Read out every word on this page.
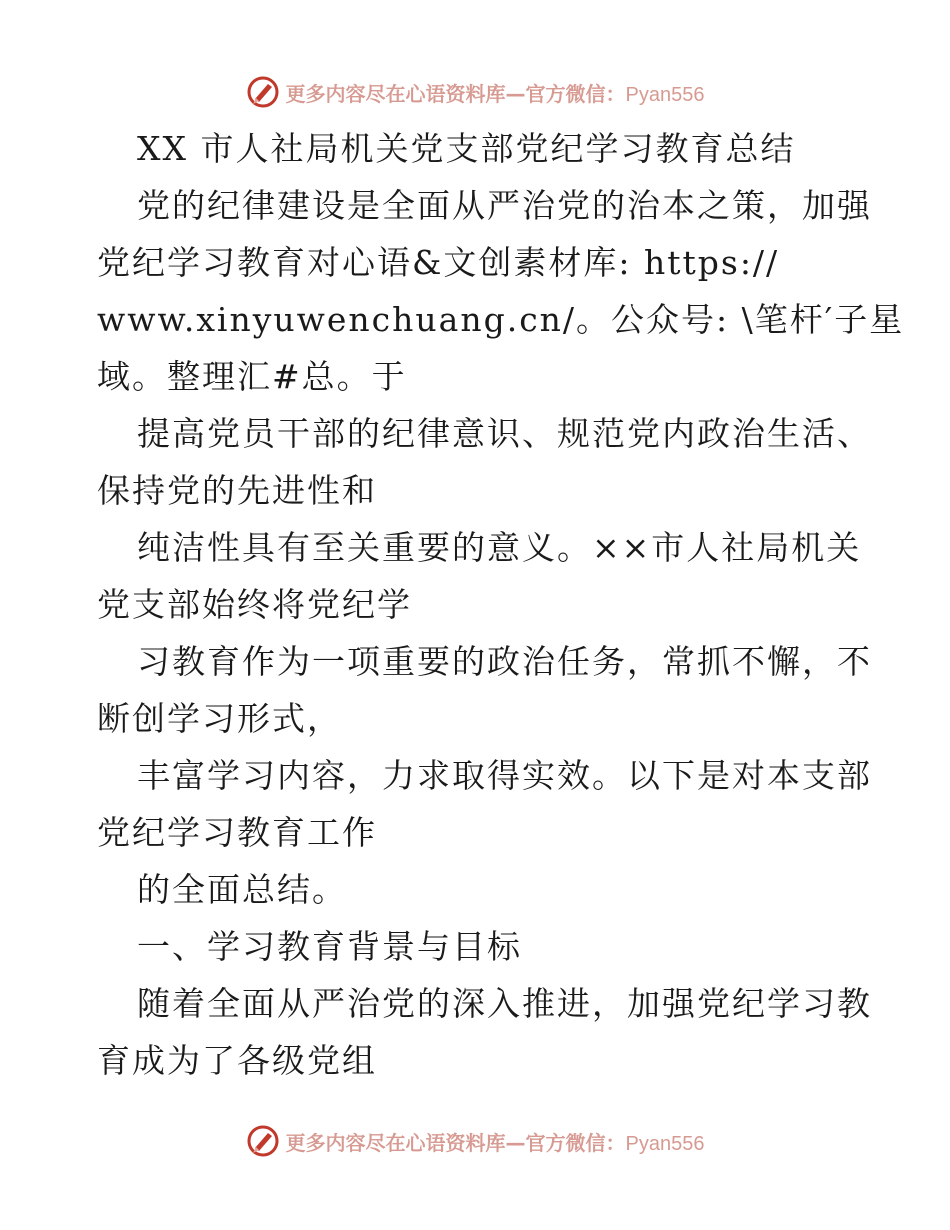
更多内容尽在心语资料库—官方微信：Pyan556
XX 市人社局机关党支部党纪学习教育总结
党的纪律建设是全面从严治党的治本之策，加强
党纪学习教育对心语&文创素材库: https://
www.xinyuwenchuang.cn/。公众号: \笔杆′子星
域。整理汇#总。于
提高党员干部的纪律意识、规范党内政治生活、
保持党的先进性和
纯洁性具有至关重要的意义。××市人社局机关
党支部始终将党纪学
习教育作为一项重要的政治任务，常抓不懈，不
断创学习形式，
丰富学习内容，力求取得实效。以下是对本支部
党纪学习教育工作
的全面总结。
一、学习教育背景与目标
随着全面从严治党的深入推进，加强党纪学习教
育成为了各级党组
更多内容尽在心语资料库—官方微信：Pyan556
